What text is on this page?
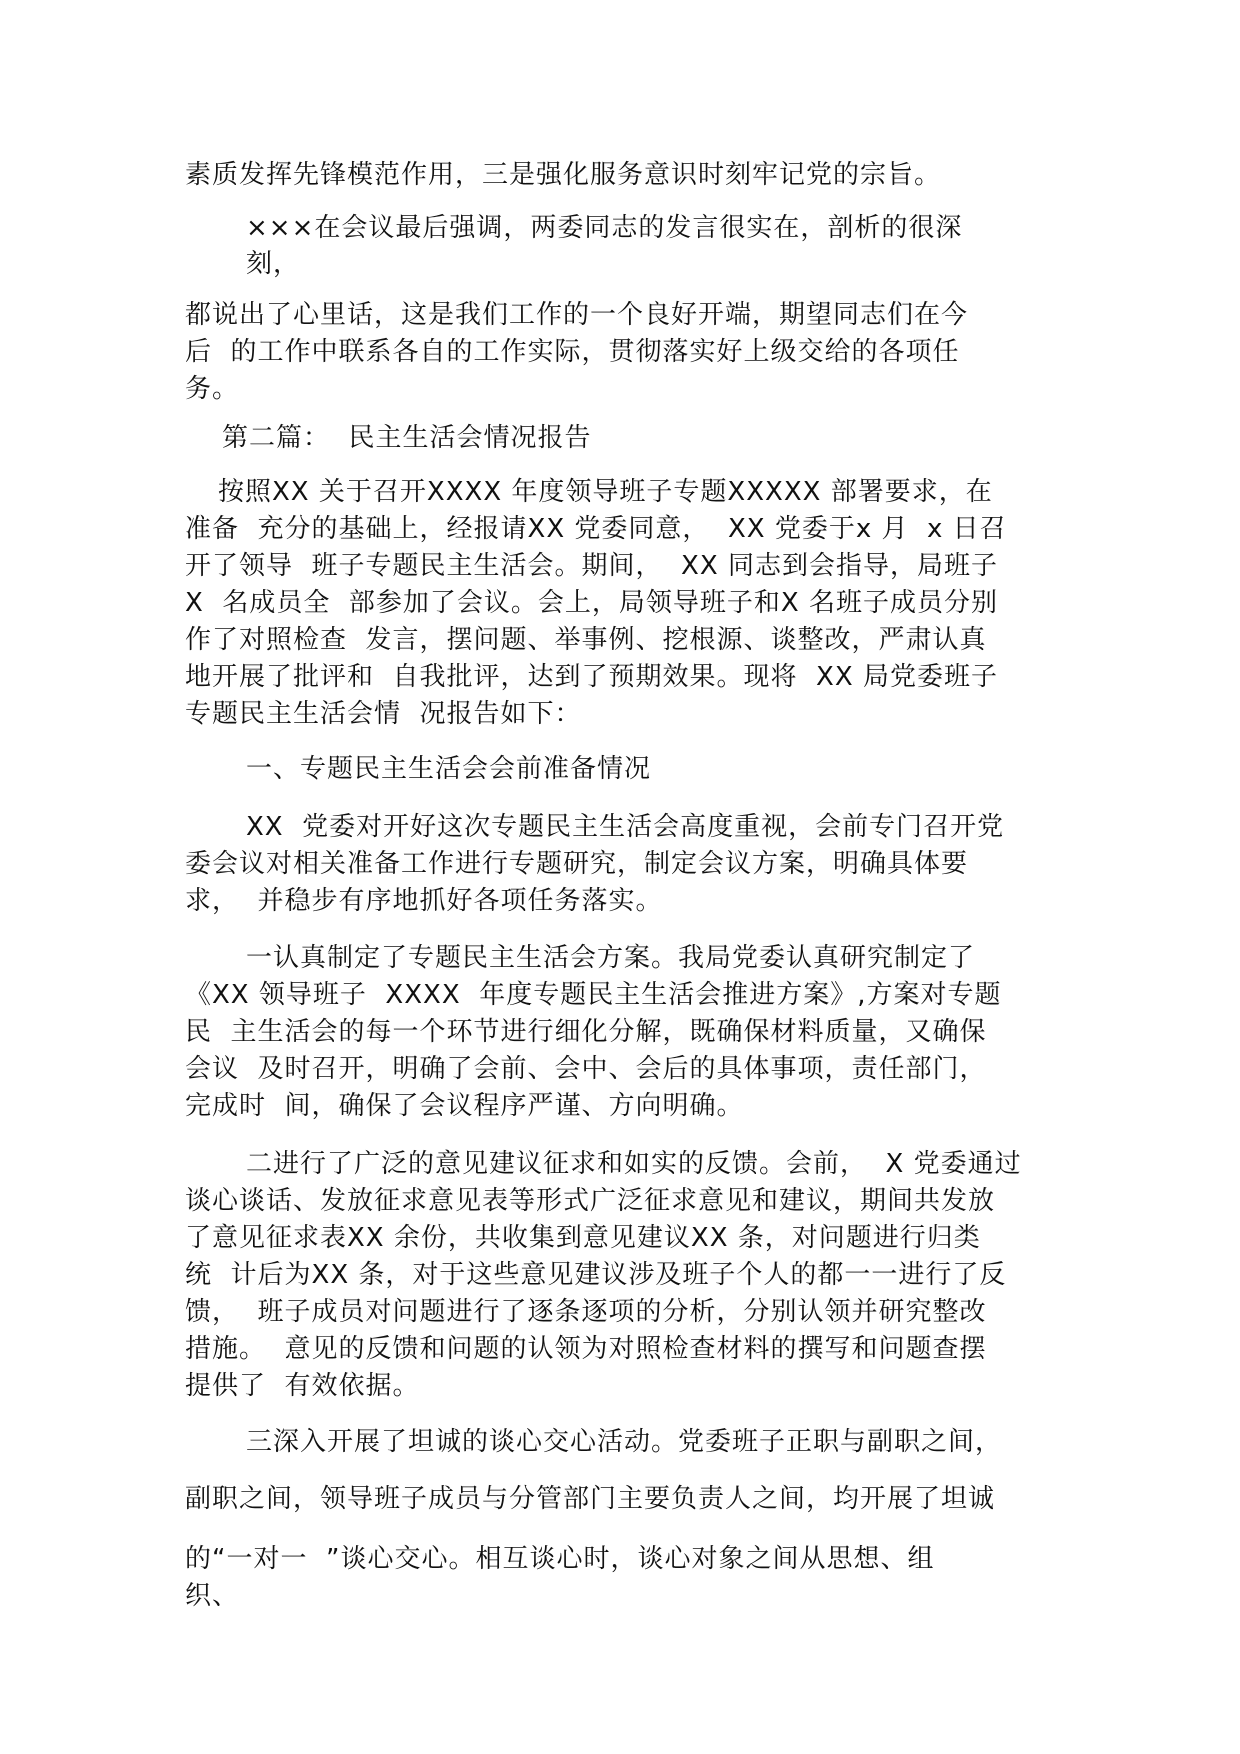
素质发挥先锋模范作用，三是强化服务意识时刻牢记党的宗旨。
×××在会议最后强调，两委同志的发言很实在，剖析的很深
刻，
都说出了心里话，这是我们工作的一个良好开端，期望同志们在今
后  的工作中联系各自的工作实际，贯彻落实好上级交给的各项任
务。
第二篇：  民主生活会情况报告
按照XX 关于召开XXXX 年度领导班子专题XXXXX 部署要求，在
准备  充分的基础上，经报请XX 党委同意，  XX 党委于x 月  x 日召
开了领导  班子专题民主生活会。期间，  XX 同志到会指导，局班子
X  名成员全  部参加了会议。会上，局领导班子和X 名班子成员分别
作了对照检查  发言，摆问题、举事例、挖根源、谈整改，严肃认真
地开展了批评和  自我批评，达到了预期效果。现将  XX 局党委班子
专题民主生活会情  况报告如下：
一、专题民主生活会会前准备情况
XX  党委对开好这次专题民主生活会高度重视，会前专门召开党
委会议对相关准备工作进行专题研究，制定会议方案，明确具体要
求，  并稳步有序地抓好各项任务落实。
一认真制定了专题民主生活会方案。我局党委认真研究制定了
《XX 领导班子  XXXX  年度专题民主生活会推进方案》,方案对专题
民  主生活会的每一个环节进行细化分解，既确保材料质量，又确保
会议  及时召开，明确了会前、会中、会后的具体事项，责任部门，
完成时  间，确保了会议程序严谨、方向明确。
二进行了广泛的意见建议征求和如实的反馈。会前，  X 党委通过
谈心谈话、发放征求意见表等形式广泛征求意见和建议，期间共发放
了意见征求表XX 余份，共收集到意见建议XX 条，对问题进行归类
统  计后为XX 条，对于这些意见建议涉及班子个人的都一一进行了反
馈，  班子成员对问题进行了逐条逐项的分析，分别认领并研究整改
措施。  意见的反馈和问题的认领为对照检查材料的撰写和问题查摆
提供了  有效依据。
三深入开展了坦诚的谈心交心活动。党委班子正职与副职之间，
副职之间，领导班子成员与分管部门主要负责人之间，均开展了坦诚
的“一对一  ”谈心交心。相互谈心时，谈心对象之间从思想、组
织、
